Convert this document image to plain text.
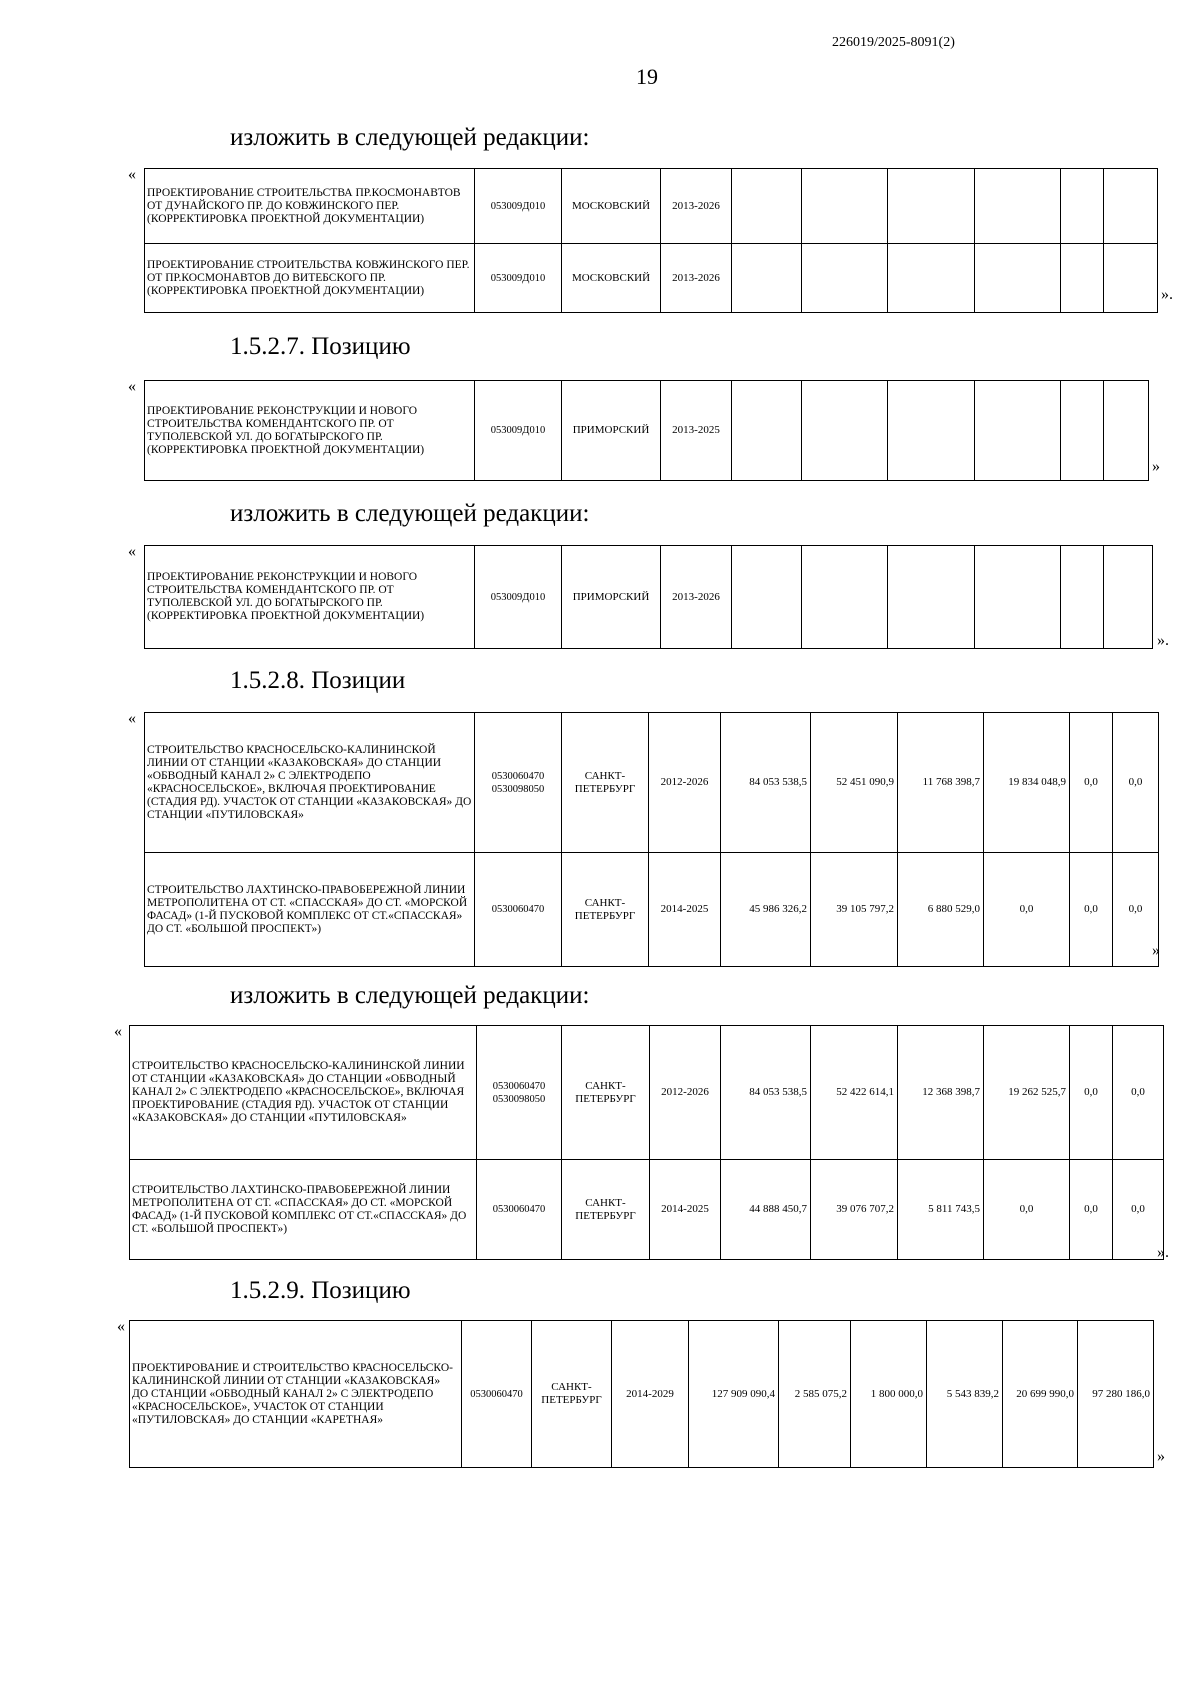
226019/2025-8091(2)
19
изложить в следующей редакции:
«
ПРОЕКТИРОВАНИЕ СТРОИТЕЛЬСТВА ПР.КОСМОНАВТОВ ОТ ДУНАЙСКОГО ПР. ДО КОВЖИНСКОГО ПЕР. (КОРРЕКТИРОВКА ПРОЕКТНОЙ ДОКУМЕНТАЦИИ)	053009Д010	МОСКОВСКИЙ	2013-2026						
ПРОЕКТИРОВАНИЕ СТРОИТЕЛЬСТВА КОВЖИНСКОГО ПЕР. ОТ ПР.КОСМОНАВТОВ ДО ВИТЕБСКОГО ПР.(КОРРЕКТИРОВКА ПРОЕКТНОЙ ДОКУМЕНТАЦИИ)	053009Д010	МОСКОВСКИЙ	2013-2026						
».
1.5.2.7. Позицию
«
ПРОЕКТИРОВАНИЕ РЕКОНСТРУКЦИИ И НОВОГО СТРОИТЕЛЬСТВА КОМЕНДАНТСКОГО ПР. ОТ ТУПОЛЕВСКОЙ УЛ. ДО БОГАТЫРСКОГО ПР.(КОРРЕКТИРОВКА ПРОЕКТНОЙ ДОКУМЕНТАЦИИ)	053009Д010	ПРИМОРСКИЙ	2013-2025						
»
изложить в следующей редакции:
«
ПРОЕКТИРОВАНИЕ РЕКОНСТРУКЦИИ И НОВОГО СТРОИТЕЛЬСТВА КОМЕНДАНТСКОГО ПР. ОТ ТУПОЛЕВСКОЙ УЛ. ДО БОГАТЫРСКОГО ПР.(КОРРЕКТИРОВКА ПРОЕКТНОЙ ДОКУМЕНТАЦИИ)	053009Д010	ПРИМОРСКИЙ	2013-2026						
».
1.5.2.8. Позиции
«
СТРОИТЕЛЬСТВО КРАСНОСЕЛЬСКО-КАЛИНИНСКОЙ ЛИНИИ ОТ СТАНЦИИ «КАЗАКОВСКАЯ» ДО СТАНЦИИ «ОБВОДНЫЙ КАНАЛ 2» С ЭЛЕКТРОДЕПО «КРАСНОСЕЛЬСКОЕ», ВКЛЮЧАЯ ПРОЕКТИРОВАНИЕ (СТАДИЯ РД). УЧАСТОК ОТ СТАНЦИИ «КАЗАКОВСКАЯ» ДО СТАНЦИИ «ПУТИЛОВСКАЯ»	0530060470 0530098050	САНКТ-ПЕТЕРБУРГ	2012-2026	84 053 538,5	52 451 090,9	11 768 398,7	19 834 048,9	0,0	0,0
СТРОИТЕЛЬСТВО ЛАХТИНСКО-ПРАВОБЕРЕЖНОЙ ЛИНИИ МЕТРОПОЛИТЕНА ОТ СТ. «СПАССКАЯ» ДО СТ. «МОРСКОЙ ФАСАД» (1-Й ПУСКОВОЙ КОМПЛЕКС ОТ СТ.«СПАССКАЯ» ДО СТ. «БОЛЬШОЙ ПРОСПЕКТ»)	0530060470	САНКТ-ПЕТЕРБУРГ	2014-2025	45 986 326,2	39 105 797,2	6 880 529,0	0,0	0,0	0,0
»
изложить в следующей редакции:
«
СТРОИТЕЛЬСТВО КРАСНОСЕЛЬСКО-КАЛИНИНСКОЙ ЛИНИИ ОТ СТАНЦИИ «КАЗАКОВСКАЯ» ДО СТАНЦИИ «ОБВОДНЫЙ КАНАЛ 2» С ЭЛЕКТРОДЕПО «КРАСНОСЕЛЬСКОЕ», ВКЛЮЧАЯ ПРОЕКТИРОВАНИЕ (СТАДИЯ РД). УЧАСТОК ОТ СТАНЦИИ «КАЗАКОВСКАЯ» ДО СТАНЦИИ «ПУТИЛОВСКАЯ»	0530060470 0530098050	САНКТ-ПЕТЕРБУРГ	2012-2026	84 053 538,5	52 422 614,1	12 368 398,7	19 262 525,7	0,0	0,0
СТРОИТЕЛЬСТВО ЛАХТИНСКО-ПРАВОБЕРЕЖНОЙ ЛИНИИ МЕТРОПОЛИТЕНА ОТ СТ. «СПАССКАЯ» ДО СТ. «МОРСКОЙ ФАСАД» (1-Й ПУСКОВОЙ КОМПЛЕКС ОТ СТ.«СПАССКАЯ» ДО СТ. «БОЛЬШОЙ ПРОСПЕКТ»)	0530060470	САНКТ-ПЕТЕРБУРГ	2014-2025	44 888 450,7	39 076 707,2	5 811 743,5	0,0	0,0	0,0
».
1.5.2.9. Позицию
«
ПРОЕКТИРОВАНИЕ И СТРОИТЕЛЬСТВО КРАСНОСЕЛЬСКО-КАЛИНИНСКОЙ ЛИНИИ ОТ СТАНЦИИ «КАЗАКОВСКАЯ» ДО СТАНЦИИ «ОБВОДНЫЙ КАНАЛ 2» С ЭЛЕКТРОДЕПО «КРАСНОСЕЛЬСКОЕ», УЧАСТОК ОТ СТАНЦИИ «ПУТИЛОВСКАЯ» ДО СТАНЦИИ «КАРЕТНАЯ»	0530060470	САНКТ-ПЕТЕРБУРГ	2014-2029	127 909 090,4	2 585 075,2	1 800 000,0	5 543 839,2	20 699 990,0	97 280 186,0
»
